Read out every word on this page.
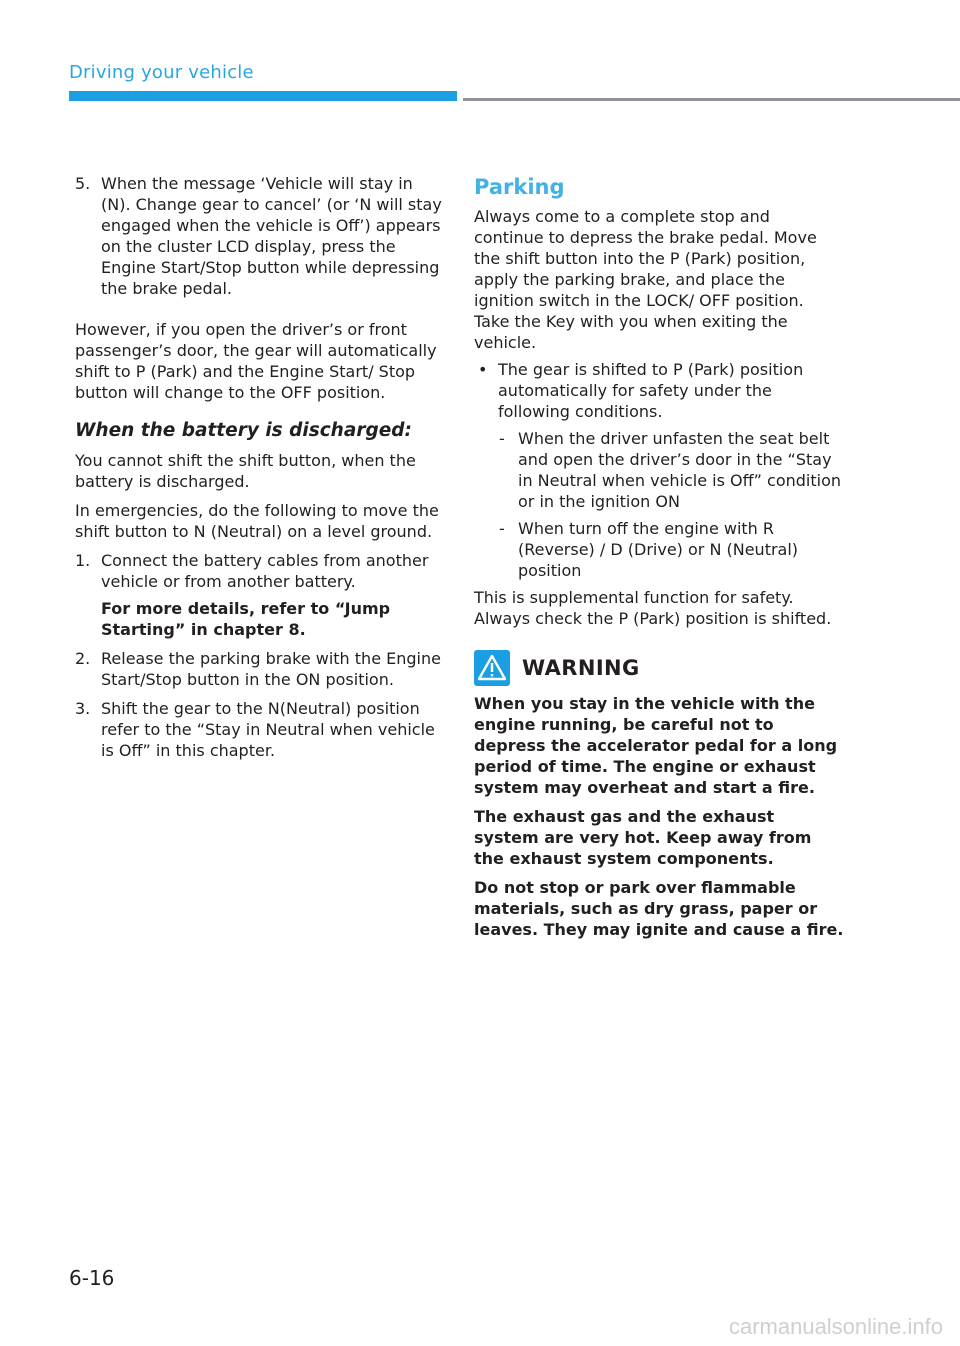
Driving your vehicle
5. When the message ‘Vehicle will stay in (N). Change gear to cancel’ (or ‘N will stay engaged when the vehicle is Off’) appears on the cluster LCD display, press the Engine Start/Stop button while depressing the brake pedal.

However, if you open the driver’s or front passenger’s door, the gear will automatically shift to P (Park) and the Engine Start/ Stop button will change to the OFF position.

When the battery is discharged:

You cannot shift the shift button, when the battery is discharged.

In emergencies, do the following to move the shift button to N (Neutral) on a level ground.

1. Connect the battery cables from another vehicle or from another battery.

For more details, refer to “Jump Starting” in chapter 8.

2. Release the parking brake with the Engine Start/Stop button in the ON position.

3. Shift the gear to the N(Neutral) position refer to the “Stay in Neutral when vehicle is Off” in this chapter.

Parking

Always come to a complete stop and continue to depress the brake pedal. Move the shift button into the P (Park) position, apply the parking brake, and place the ignition switch in the LOCK/ OFF position. Take the Key with you when exiting the vehicle.

• The gear is shifted to P (Park) position automatically for safety under the following conditions.

- When the driver unfasten the seat belt and open the driver’s door in the “Stay in Neutral when vehicle is Off” condition or in the ignition ON

- When turn off the engine with R (Reverse) / D (Drive) or N (Neutral) position

This is supplemental function for safety. Always check the P (Park) position is shifted.

WARNING

When you stay in the vehicle with the engine running, be careful not to depress the accelerator pedal for a long period of time. The engine or exhaust system may overheat and start a fire.

The exhaust gas and the exhaust system are very hot. Keep away from the exhaust system components.

Do not stop or park over flammable materials, such as dry grass, paper or leaves. They may ignite and cause a fire.

6-16
carmanualsonline.info
